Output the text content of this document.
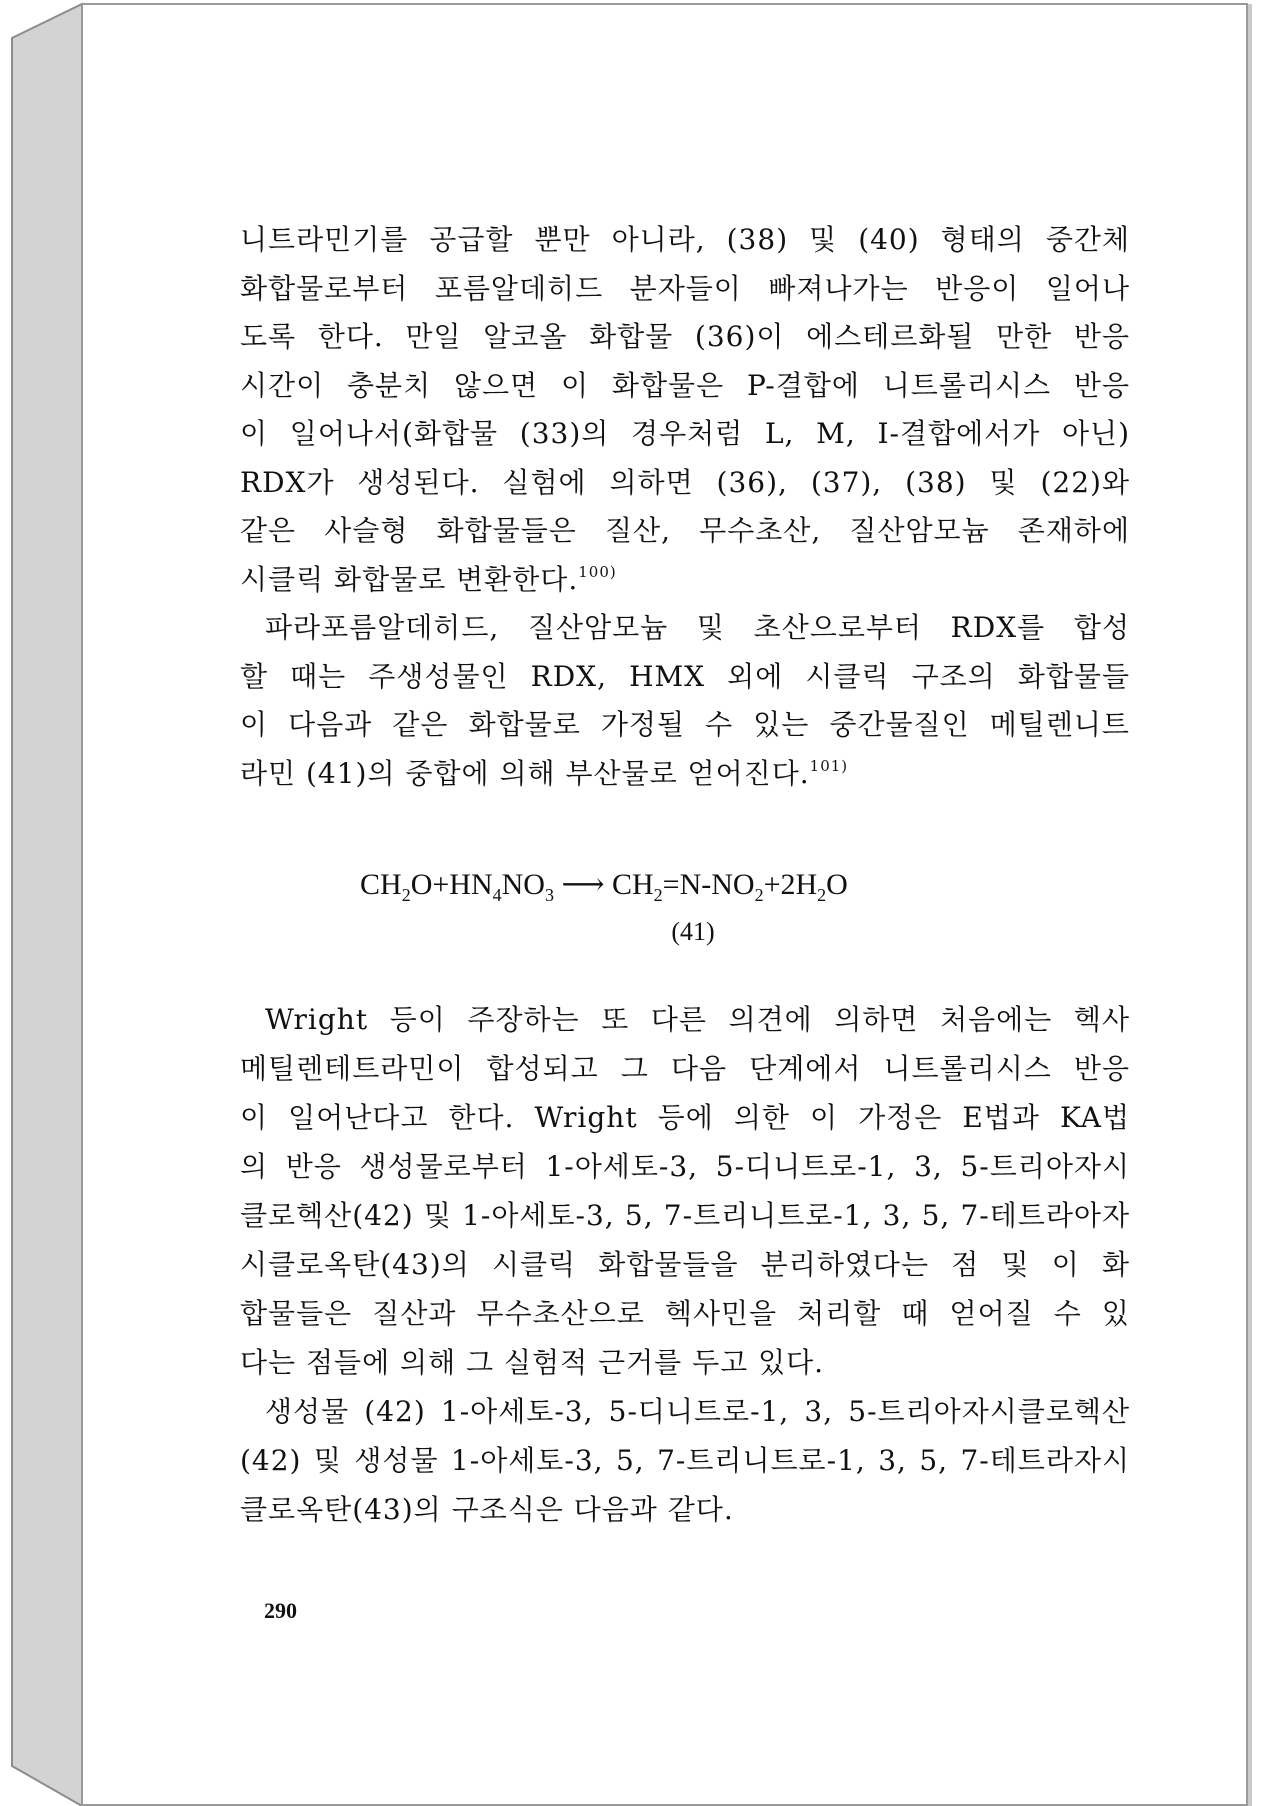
니트라민기를 공급할 뿐만 아니라, (38) 및 (40) 형태의 중간체
화합물로부터 포름알데히드 분자들이 빠져나가는 반응이 일어나
도록 한다. 만일 알코올 화합물 (36)이 에스테르화될 만한 반응
시간이 충분치 않으면 이 화합물은 P-결합에 니트롤리시스 반응
이 일어나서(화합물 (33)의 경우처럼 L, M, I-결합에서가 아닌)
RDX가 생성된다. 실험에 의하면 (36), (37), (38) 및 (22)와
같은 사슬형 화합물들은 질산, 무수초산, 질산암모늄 존재하에
시클릭 화합물로 변환한다.$^{100)}$
파라포름알데히드, 질산암모늄 및 초산으로부터 RDX를 합성
할 때는 주생성물인 RDX, HMX 외에 시클릭 구조의 화합물들
이 다음과 같은 화합물로 가정될 수 있는 중간물질인 메틸렌니트
라민 (41)의 중합에 의해 부산물로 얻어진다.$^{101)}$
Wright 등이 주장하는 또 다른 의견에 의하면 처음에는 헥사
메틸렌테트라민이 합성되고 그 다음 단계에서 니트롤리시스 반응
이 일어난다고 한다. Wright 등에 의한 이 가정은 E법과 KA법
의 반응 생성물로부터 1-아세토-3, 5-디니트로-1, 3, 5-트리아자시
클로헥산(42) 및 1-아세토-3, 5, 7-트리니트로-1, 3, 5, 7-테트라아자
시클로옥탄(43)의 시클릭 화합물들을 분리하였다는 점 및 이 화
합물들은 질산과 무수초산으로 헥사민을 처리할 때 얻어질 수 있
다는 점들에 의해 그 실험적 근거를 두고 있다.
생성물 (42) 1-아세토-3, 5-디니트로-1, 3, 5-트리아자시클로헥산
(42) 및 생성물 1-아세토-3, 5, 7-트리니트로-1, 3, 5, 7-테트라자시
클로옥탄(43)의 구조식은 다음과 같다.
$CH_2O+HN_4NO_3$ ⟶ $CH_2=N-NO_2+2H_2O$
(41)
290
